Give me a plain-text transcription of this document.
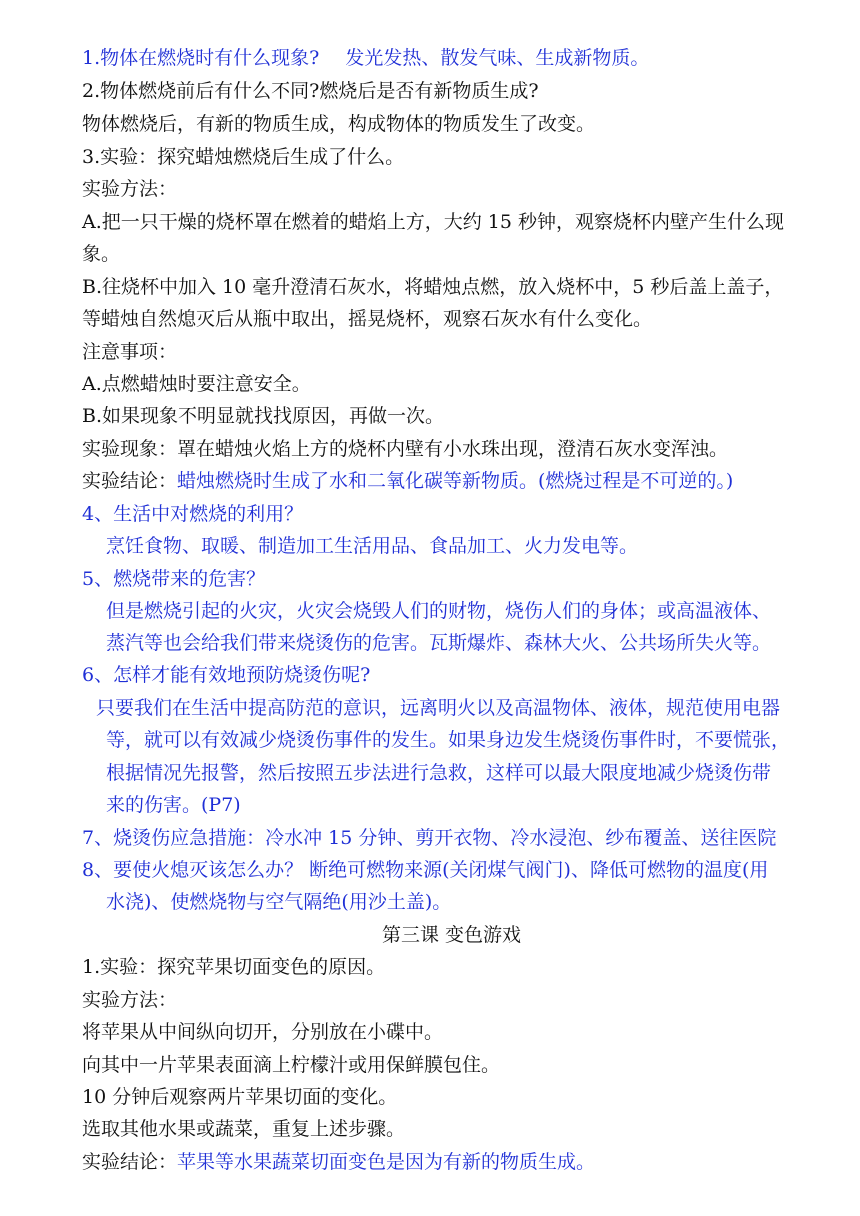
1.物体在燃烧时有什么现象? 发光发热、散发气味、生成新物质。
2.物体燃烧前后有什么不同?燃烧后是否有新物质生成?
物体燃烧后，有新的物质生成，构成物体的物质发生了改变。
3.实验：探究蜡烛燃烧后生成了什么。
实验方法：
A.把一只干燥的烧杯罩在燃着的蜡焰上方，大约 15 秒钟，观察烧杯内壁产生什么现
象。
B.往烧杯中加入 10 毫升澄清石灰水，将蜡烛点燃，放入烧杯中，5 秒后盖上盖子，
等蜡烛自然熄灭后从瓶中取出，摇晃烧杯，观察石灰水有什么变化。
注意事项：
A.点燃蜡烛时要注意安全。
B.如果现象不明显就找找原因，再做一次。
实验现象：罩在蜡烛火焰上方的烧杯内壁有小水珠出现，澄清石灰水变浑浊。
实验结论：蜡烛燃烧时生成了水和二氧化碳等新物质。(燃烧过程是不可逆的。)
4、生活中对燃烧的利用？
烹饪食物、取暖、制造加工生活用品、食品加工、火力发电等。
5、燃烧带来的危害？
但是燃烧引起的火灾，火灾会烧毁人们的财物，烧伤人们的身体；或高温液体、
蒸汽等也会给我们带来烧烫伤的危害。瓦斯爆炸、森林大火、公共场所失火等。
6、怎样才能有效地预防烧烫伤呢?
只要我们在生活中提高防范的意识，远离明火以及高温物体、液体，规范使用电器
等，就可以有效减少烧烫伤事件的发生。如果身边发生烧烫伤事件时，不要慌张，
根据情况先报警，然后按照五步法进行急救，这样可以最大限度地减少烧烫伤带
来的伤害。(P7)
7、烧烫伤应急措施：冷水冲 15 分钟、剪开衣物、冷水浸泡、纱布覆盖、送往医院
8、要使火熄灭该怎么办？ 断绝可燃物来源(关闭煤气阀门)、降低可燃物的温度(用
水浇)、使燃烧物与空气隔绝(用沙土盖)。
第三课 变色游戏
1.实验：探究苹果切面变色的原因。
实验方法：
将苹果从中间纵向切开，分别放在小碟中。
向其中一片苹果表面滴上柠檬汁或用保鲜膜包住。
10 分钟后观察两片苹果切面的变化。
选取其他水果或蔬菜，重复上述步骤。
实验结论：苹果等水果蔬菜切面变色是因为有新的物质生成。
